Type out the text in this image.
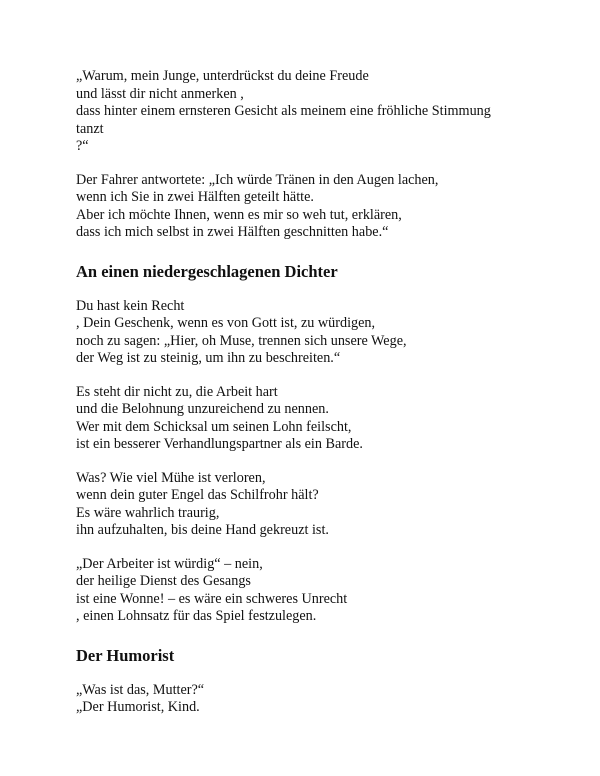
„Warum, mein Junge, unterdrückst du deine Freude
und lässt dir nicht anmerken ,
dass hinter einem ernsteren Gesicht als meinem eine fröhliche Stimmung
tanzt
?“
Der Fahrer antwortete: „Ich würde Tränen in den Augen lachen,
wenn ich Sie in zwei Hälften geteilt hätte.
Aber ich möchte Ihnen, wenn es mir so weh tut, erklären,
dass ich mich selbst in zwei Hälften geschnitten habe.“
An einen niedergeschlagenen Dichter
Du hast kein Recht
, Dein Geschenk, wenn es von Gott ist, zu würdigen,
noch zu sagen: „Hier, oh Muse, trennen sich unsere Wege,
der Weg ist zu steinig, um ihn zu beschreiten.“
Es steht dir nicht zu, die Arbeit hart
und die Belohnung unzureichend zu nennen.
Wer mit dem Schicksal um seinen Lohn feilscht,
ist ein besserer Verhandlungspartner als ein Barde.
Was? Wie viel Mühe ist verloren,
wenn dein guter Engel das Schilfrohr hält?
Es wäre wahrlich traurig,
ihn aufzuhalten, bis deine Hand gekreuzt ist.
„Der Arbeiter ist würdig“ – nein,
der heilige Dienst des Gesangs
ist eine Wonne! – es wäre ein schweres Unrecht
, einen Lohnsatz für das Spiel festzulegen.
Der Humorist
„Was ist das, Mutter?“
„Der Humorist, Kind.
